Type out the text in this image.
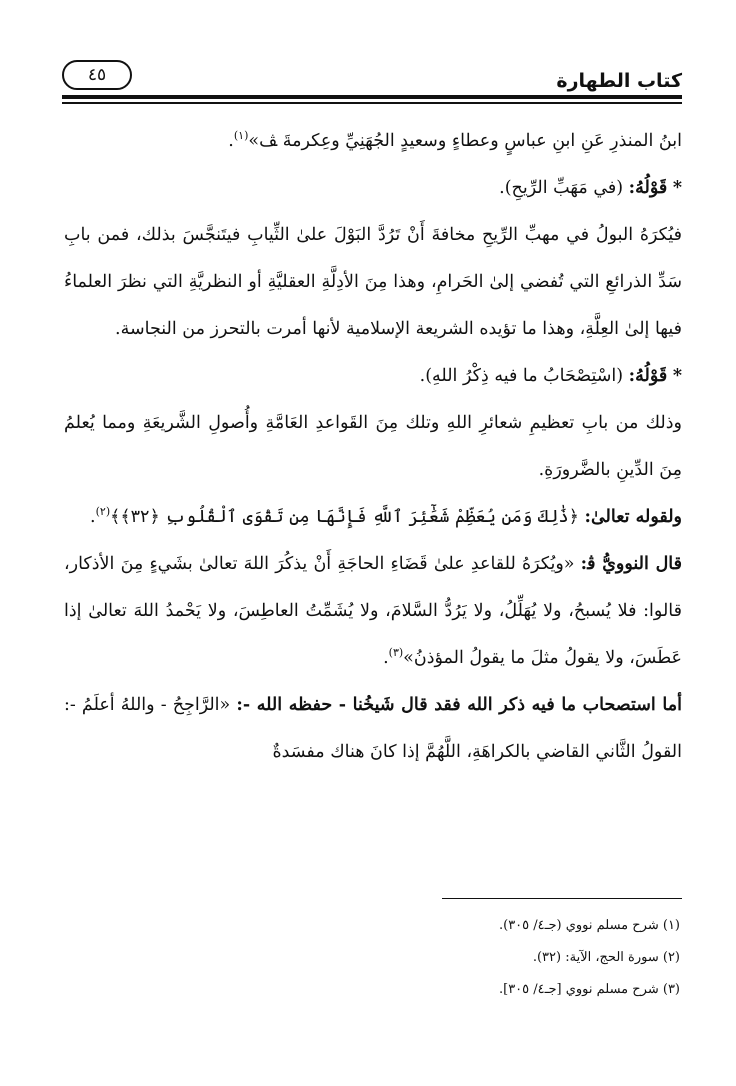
٤٥	كتاب الطهارة

ابنُ المنذرِ عَنِ ابنِ عباسٍ وعطاءٍ وسعيدٍ الجُهَنِيِّ وعِكرمةَ ﭫ»$^{(١)}$.

* قَوْلُهُ: (في مَهَبِّ الرِّيحِ).

فيُكرَهُ البولُ في مهبِّ الرِّيحِ مخافةَ أَنْ تَرُدَّ البَوْلَ علىٰ الثِّيابِ فيتَنجَّسَ بذلك، فمن بابِ سَدِّ الذرائعِ التي تُفضي إلىٰ الحَرامِ، وهذا مِنَ الأدِلَّةِ العقليَّةِ أو النظريَّةِ التي نظرَ العلماءُ فيها إلىٰ العِلَّةِ، وهذا ما تؤيده الشريعة الإسلامية لأنها أمرت بالتحرز من النجاسة.

* قَوْلُهُ: (اسْتِصْحَابُ ما فيه ذِكْرُ اللهِ).

وذلك من بابِ تعظيمِ شعائرِ اللهِ وتلك مِنَ القَواعدِ العَامَّةِ وأُصولِ الشَّريعَةِ ومما يُعلمُ مِنَ الدِّينِ بالضَّرورَةِ.

ولقوله تعالىٰ: ﴿ذَٰلِكَ وَمَن يُعَظِّمْ شَعَٰٓئِرَ ٱللَّهِ فَإِنَّهَا مِن تَقْوَى ٱلْقُلُوبِ ﴿٣٢﴾﴾$^{(٢)}$.

قال النوويُّ ﭬ: «ويُكرَهُ للقاعدِ علىٰ قَضَاءِ الحاجَةِ أَنْ يذكُرَ اللهَ تعالىٰ بشَيءٍ مِنَ الأذكار، قالوا: فلا يُسبحُ، ولا يُهَلِّلُ، ولا يَرُدُّ السَّلامَ، ولا يُشَمِّتُ العاطِسَ، ولا يَحْمدُ اللهَ تعالىٰ إذا عَطَسَ، ولا يقولُ مثلَ ما يقولُ المؤذنُ»$^{(٣)}$.

أما استصحاب ما فيه ذكر الله فقد قال شَيخُنا - حفظه الله -: «الرَّاجِحُ - واللهُ أعلَمُ -: القولُ الثَّاني القاضي بالكراهَةِ، اللَّهُمَّ إذا كانَ هناك مفسَدةٌ

(١) شرح مسلم نووي (جـ٤/ ٣٠٥).

(٢) سورة الحج، الآية: (٣٢).

(٣) شرح مسلم نووي [جـ٤/ ٣٠٥].
